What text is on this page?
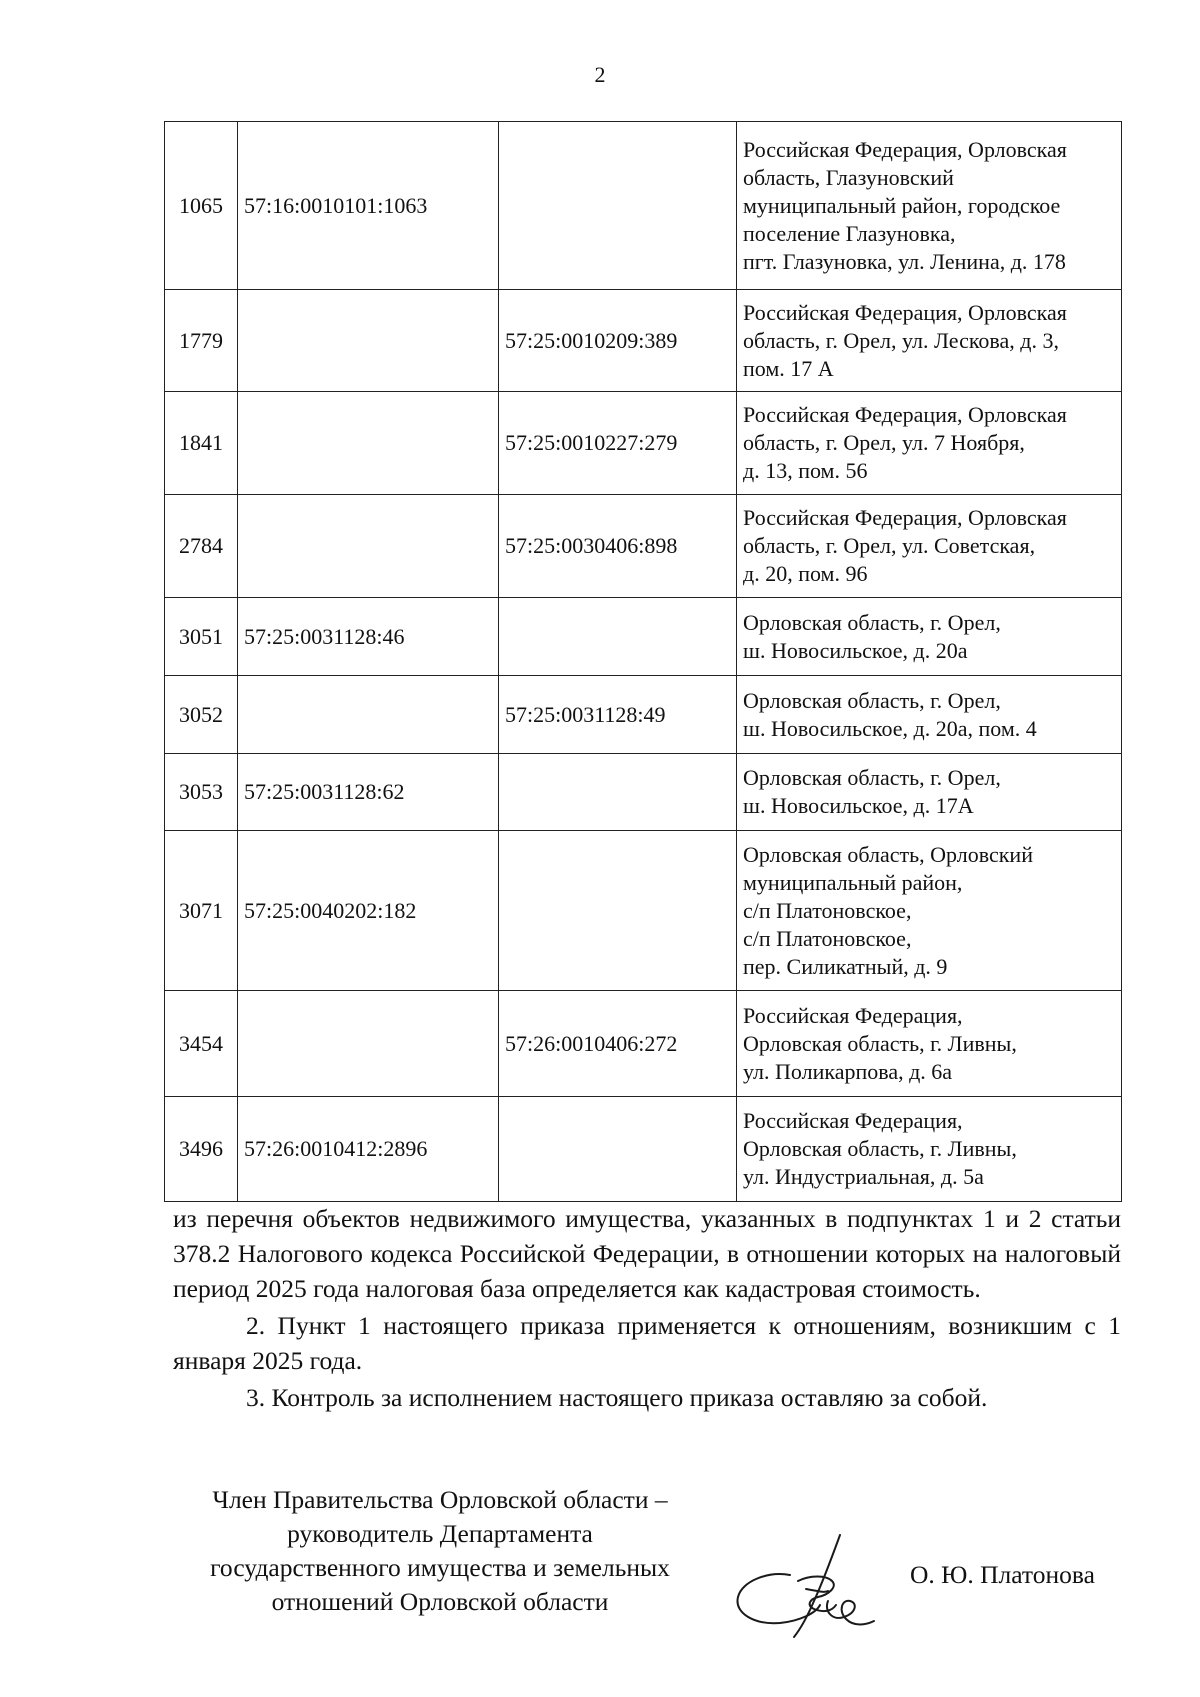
2
1065	57:16:0010101:1063		Российская Федерация, Орловская
область, Глазуновский
муниципальный район, городское
поселение Глазуновка,
пгт. Глазуновка, ул. Ленина, д. 178

1779		57:25:0010209:389	Российская Федерация, Орловская
область, г. Орел, ул. Лескова, д. 3,
пом. 17 А

1841		57:25:0010227:279	Российская Федерация, Орловская
область, г. Орел, ул. 7 Ноября,
д. 13, пом. 56

2784		57:25:0030406:898	Российская Федерация, Орловская
область, г. Орел, ул. Советская,
д. 20, пом. 96

3051	57:25:0031128:46		Орловская область, г. Орел,
ш. Новосильское, д. 20а

3052		57:25:0031128:49	Орловская область, г. Орел,
ш. Новосильское, д. 20а, пом. 4

3053	57:25:0031128:62		Орловская область, г. Орел,
ш. Новосильское, д. 17А

3071	57:25:0040202:182		Орловская область, Орловский
муниципальный район,
с/п Платоновское,
с/п Платоновское,
пер. Силикатный, д. 9

3454		57:26:0010406:272	Российская Федерация,
Орловская область, г. Ливны,
ул. Поликарпова, д. 6а

3496	57:26:0010412:2896		Российская Федерация,
Орловская область, г. Ливны,
ул. Индустриальная, д. 5а

из перечня объектов недвижимого имущества, указанных в подпунктах 1 и 2 статьи 378.2 Налогового кодекса Российской Федерации, в отношении которых на налоговый период 2025 года налоговая база определяется как кадастровая стоимость.

2. Пункт 1 настоящего приказа применяется к отношениям, возникшим с 1 января 2025 года.

3. Контроль за исполнением настоящего приказа оставляю за собой.

Член Правительства Орловской области –
руководитель Департамента
государственного имущества и земельных
отношений Орловской области
О. Ю. Платонова
